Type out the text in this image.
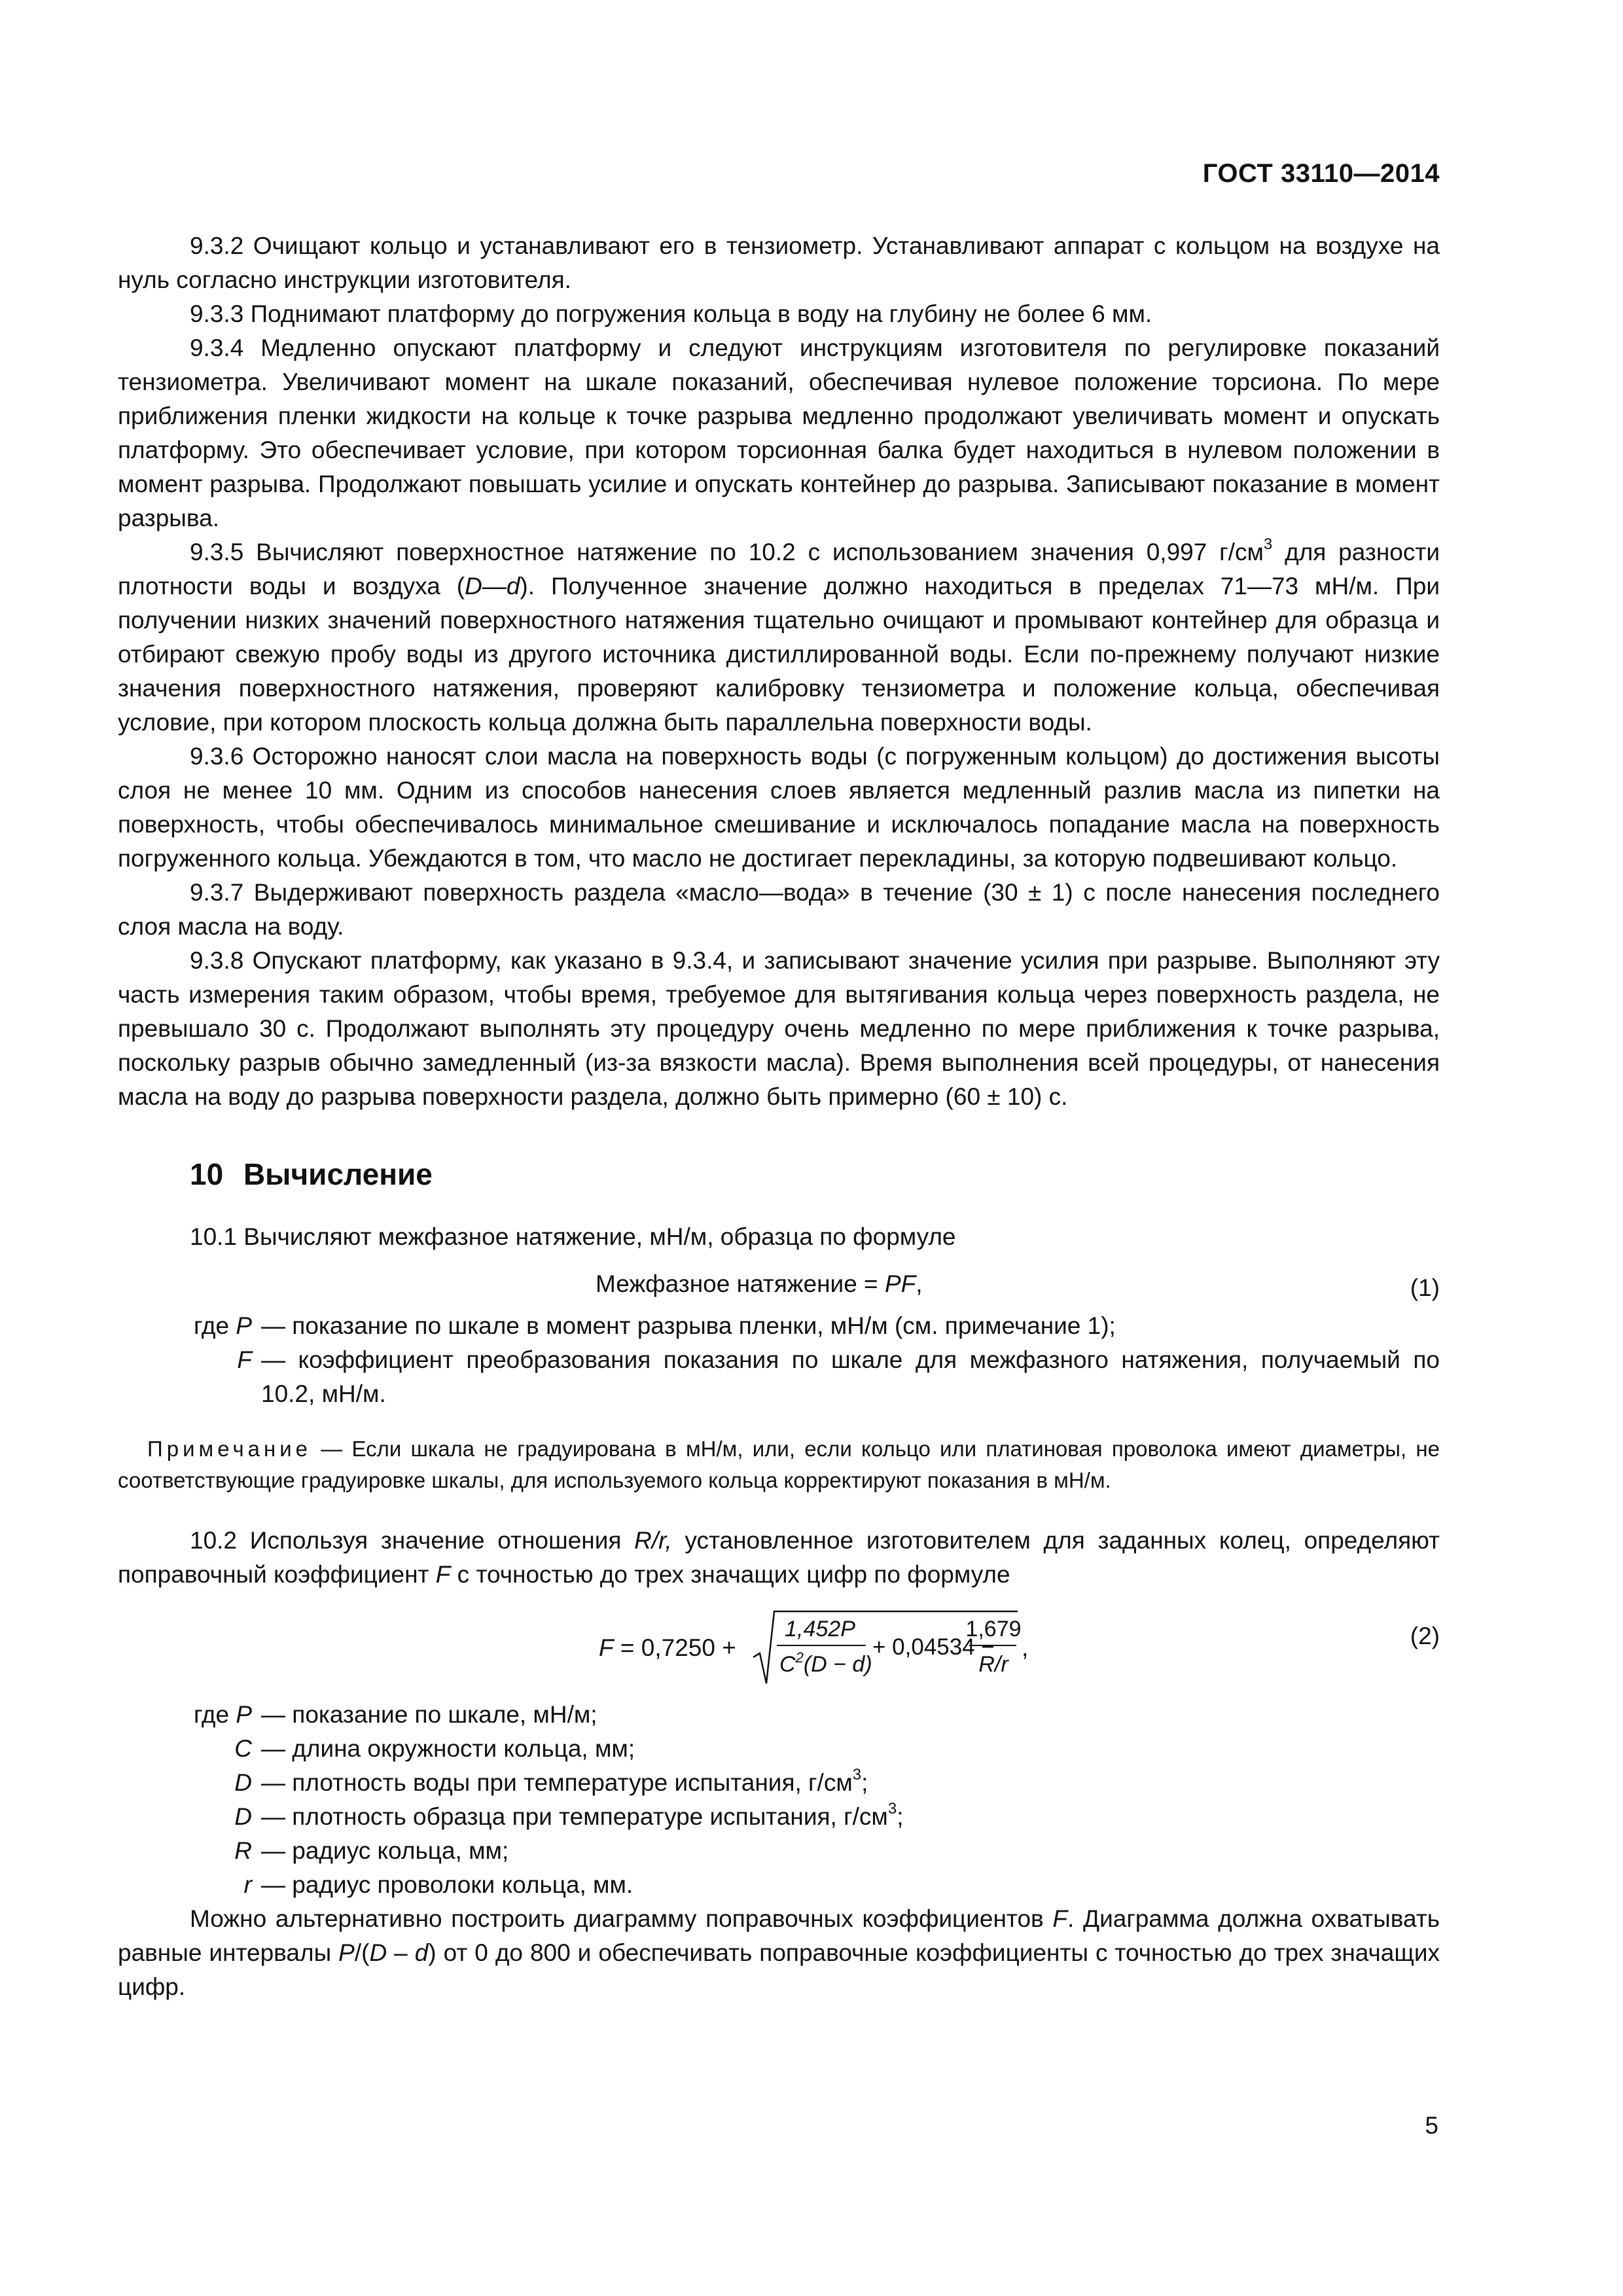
ГОСТ 33110—2014

9.3.2 Очищают кольцо и устанавливают его в тензиометр. Устанавливают аппарат с кольцом на воздухе на нуль согласно инструкции изготовителя.

9.3.3 Поднимают платформу до погружения кольца в воду на глубину не более 6 мм.

9.3.4 Медленно опускают платформу и следуют инструкциям изготовителя по регулировке показаний тензиометра. Увеличивают момент на шкале показаний, обеспечивая нулевое положение торсиона. По мере приближения пленки жидкости на кольце к точке разрыва медленно продолжают увеличивать момент и опускать платформу. Это обеспечивает условие, при котором торсионная балка будет находиться в нулевом положении в момент разрыва. Продолжают повышать усилие и опускать контейнер до разрыва. Записывают показание в момент разрыва.

9.3.5 Вычисляют поверхностное натяжение по 10.2 с использованием значения 0,997 $г/см^3$ для разности плотности воды и воздуха (D—d). Полученное значение должно находиться в пределах 71—73 мН/м. При получении низких значений поверхностного натяжения тщательно очищают и промывают контейнер для образца и отбирают свежую пробу воды из другого источника дистиллированной воды. Если по-прежнему получают низкие значения поверхностного натяжения, проверяют калибровку тензиометра и положение кольца, обеспечивая условие, при котором плоскость кольца должна быть параллельна поверхности воды.

9.3.6 Осторожно наносят слои масла на поверхность воды (с погруженным кольцом) до достижения высоты слоя не менее 10 мм. Одним из способов нанесения слоев является медленный разлив масла из пипетки на поверхность, чтобы обеспечивалось минимальное смешивание и исключалось попадание масла на поверхность погруженного кольца. Убеждаются в том, что масло не достигает перекладины, за которую подвешивают кольцо.

9.3.7 Выдерживают поверхность раздела «масло—вода» в течение (30 ± 1) с после нанесения последнего слоя масла на воду.

9.3.8 Опускают платформу, как указано в 9.3.4, и записывают значение усилия при разрыве. Выполняют эту часть измерения таким образом, чтобы время, требуемое для вытягивания кольца через поверхность раздела, не превышало 30 с. Продолжают выполнять эту процедуру очень медленно по мере приближения к точке разрыва, поскольку разрыв обычно замедленный (из-за вязкости масла). Время выполнения всей процедуры, от нанесения масла на воду до разрыва поверхности раздела, должно быть примерно (60 ± 10) с.

10 Вычисление

10.1 Вычисляют межфазное натяжение, мН/м, образца по формуле

Межфазное натяжение = PF,	(1)
где P — показание по шкале в момент разрыва пленки, мН/м (см. примечание 1);
F — коэффициент преобразования показания по шкале для межфазного натяжения, получаемый по 10.2, мН/м.

Примечание — Если шкала не градуирована в мН/м, или, если кольцо или платиновая проволока имеют диаметры, не соответствующие градуировке шкалы, для используемого кольца корректируют показания в мН/м.

10.2 Используя значение отношения R/r, установленное изготовителем для заданных колец, определяют поправочный коэффициент F с точностью до трех значащих цифр по формуле

F = 0,7250 +
1,452P
$C^2(D - d)$
+ 0,04534 −
1,679
R/r
,	(2)
где P — показание по шкале, мН/м;
C — длина окружности кольца, мм;
D — плотность воды при температуре испытания, $г/см^3$;
D — плотность образца при температуре испытания, $г/см^3$;
R — радиус кольца, мм;
r — радиус проволоки кольца, мм.

Можно альтернативно построить диаграмму поправочных коэффициентов F. Диаграмма должна охватывать равные интервалы P/(D – d) от 0 до 800 и обеспечивать поправочные коэффициенты с точностью до трех значащих цифр.

5
